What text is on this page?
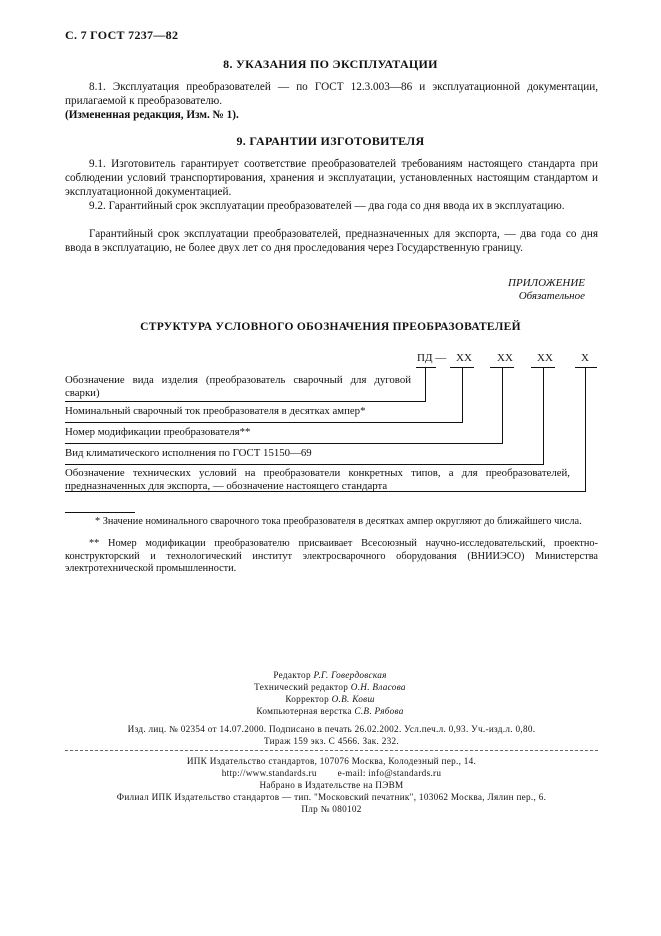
С. 7 ГОСТ 7237—82
8. УКАЗАНИЯ ПО ЭКСПЛУАТАЦИИ
8.1. Эксплуатация преобразователей — по ГОСТ 12.3.003—86 и эксплуатационной документации, прилагаемой к преобразователю.
(Измененная редакция, Изм. № 1).
9. ГАРАНТИИ ИЗГОТОВИТЕЛЯ
9.1. Изготовитель гарантирует соответствие преобразователей требованиям настоящего стандарта при соблюдении условий транспортирования, хранения и эксплуатации, установленных настоящим стандартом и эксплуатационной документацией.
9.2. Гарантийный срок эксплуатации преобразователей — два года со дня ввода их в эксплуатацию.
Гарантийный срок эксплуатации преобразователей, предназначенных для экспорта, — два года со дня ввода в эксплуатацию, не более двух лет со дня проследования через Государственную границу.
ПРИЛОЖЕНИЕ
Обязательное
СТРУКТУРА УСЛОВНОГО ОБОЗНАЧЕНИЯ ПРЕОБРАЗОВАТЕЛЕЙ
ПД — XX XX XX	X
Обозначение вида изделия (преобразователь сварочный для дуговой сварки)
Номинальный сварочный ток преобразователя в десятках ампер*
Номер модификации преобразователя**
Вид климатического исполнения по ГОСТ 15150—69
Обозначение технических условий на преобразователи конкретных типов, а для преобразователей, предназначенных для экспорта, — обозначение настоящего стандарта
* Значение номинального сварочного тока преобразователя в десятках ампер округляют до ближайшего числа.
** Номер модификации преобразователю присваивает Всесоюзный научно-исследовательский, проектно-конструкторский и технологический институт электросварочного оборудования (ВНИИЭСО) Министерства электротехнической промышленности.
Редактор Р.Г. Говердовская
Технический редактор О.Н. Власова
Корректор О.В. Ковш
Компьютерная верстка С.В. Рябова
Изд. лиц. № 02354 от 14.07.2000. Подписано в печать 26.02.2002. Усл.печ.л. 0,93. Уч.-изд.л. 0,80.
Тираж 159 экз. С 4566. Зак. 232.
ИПК Издательство стандартов, 107076 Москва, Колодезный пер., 14.
http://www.standards.ru        e-mail: info@standards.ru
Набрано в Издательстве на ПЭВМ
Филиал ИПК Издательство стандартов — тип. "Московский печатник", 103062 Москва, Лялин пер., 6.
Плр № 080102
